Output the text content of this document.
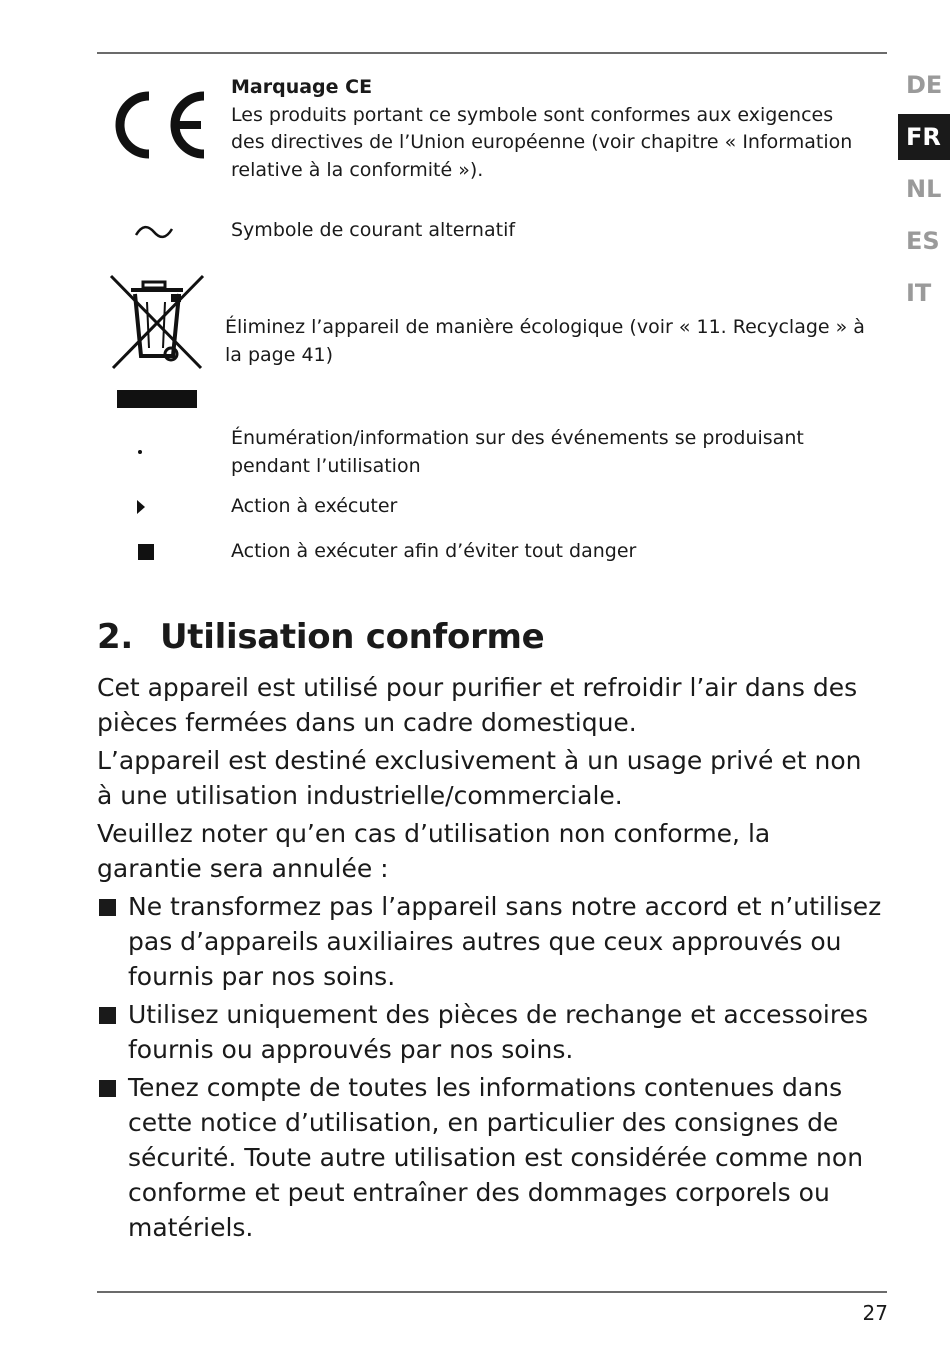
DE
FR
NL
ES
IT
Marquage CE
Les produits portant ce symbole sont conformes aux exigences des directives de l’Union européenne (voir chapitre « Information relative à la conformité »).
Symbole de courant alternatif
Éliminez l’appareil de manière écologique (voir « 11. Recyclage » à la page 41)
Énumération/information sur des événements se produisant pendant l’utilisation
Action à exécuter
Action à exécuter afin d’éviter tout danger
2. Utilisation conforme

Cet appareil est utilisé pour purifier et refroidir l’air dans des pièces fermées dans un cadre domestique.

L’appareil est destiné exclusivement à un usage privé et non à une utilisation industrielle/commerciale.

Veuillez noter qu’en cas d’utilisation non conforme, la garantie sera annulée :

Ne transformez pas l’appareil sans notre accord et n’utilisez pas d’appareils auxiliaires autres que ceux approuvés ou fournis par nos soins.
Utilisez uniquement des pièces de rechange et accessoires fournis ou approuvés par nos soins.
Tenez compte de toutes les informations contenues dans cette notice d’utilisation, en particulier des consignes de sécurité. Toute autre utilisation est considérée comme non conforme et peut entraîner des dommages corporels ou matériels.
27
